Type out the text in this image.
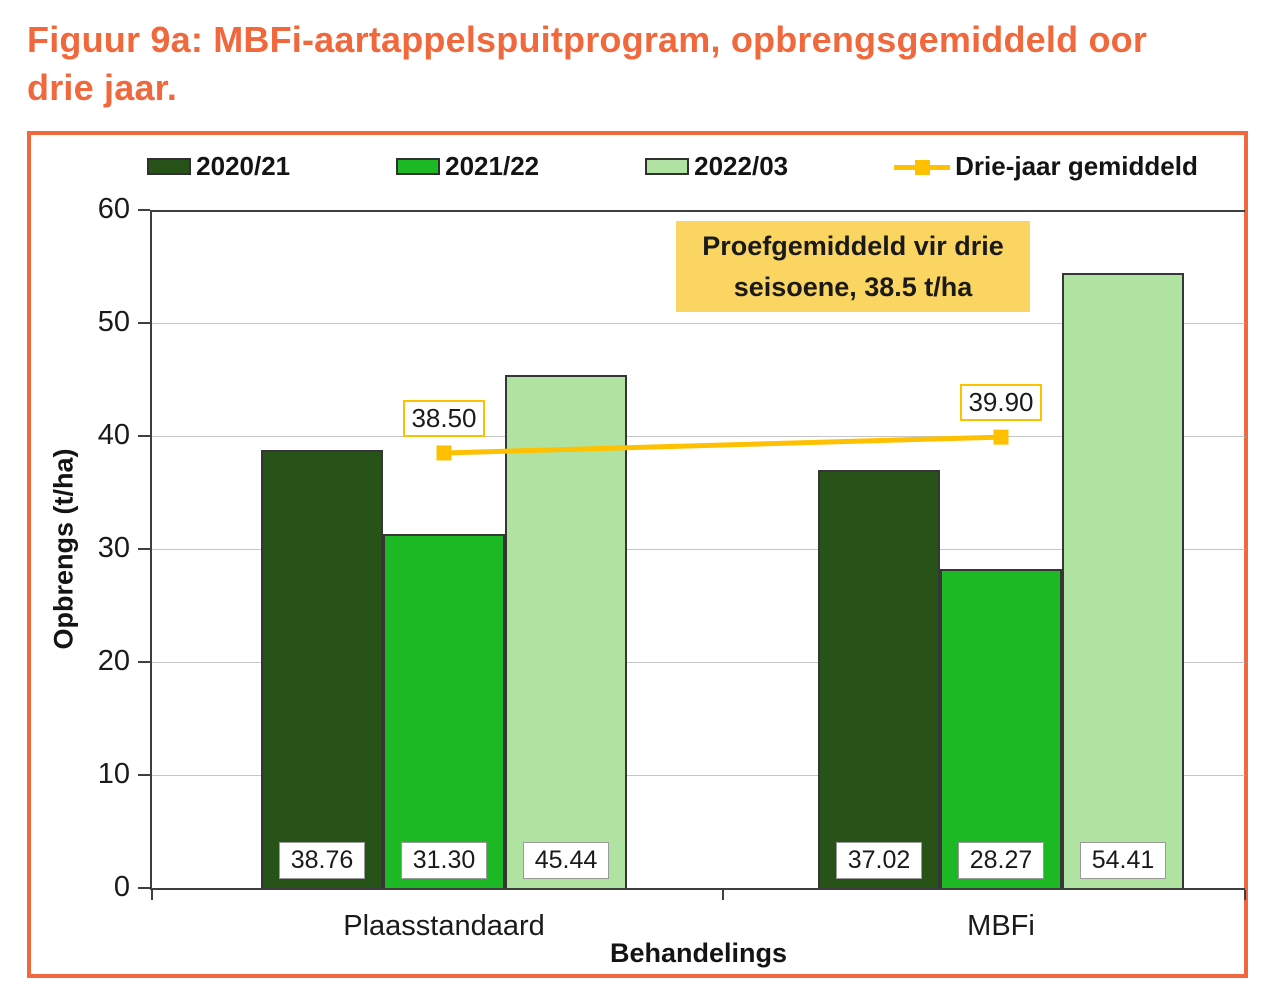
Figuur 9a: MBFi-aartappelspuitprogram, opbrengsgemiddeld oor drie jaar.
2020/21	2021/22	2022/03	Drie-jaar gemiddeld
Proefgemiddeld vir drie
seisoene, 38.5 t/ha
Plaasstandaard	MBFi
Behandelings
Opbrengs (t/ha)
0
10
20
30
40
50
60
38.76	31.30	45.44	37.02	28.27	54.41
38.50
39.90
